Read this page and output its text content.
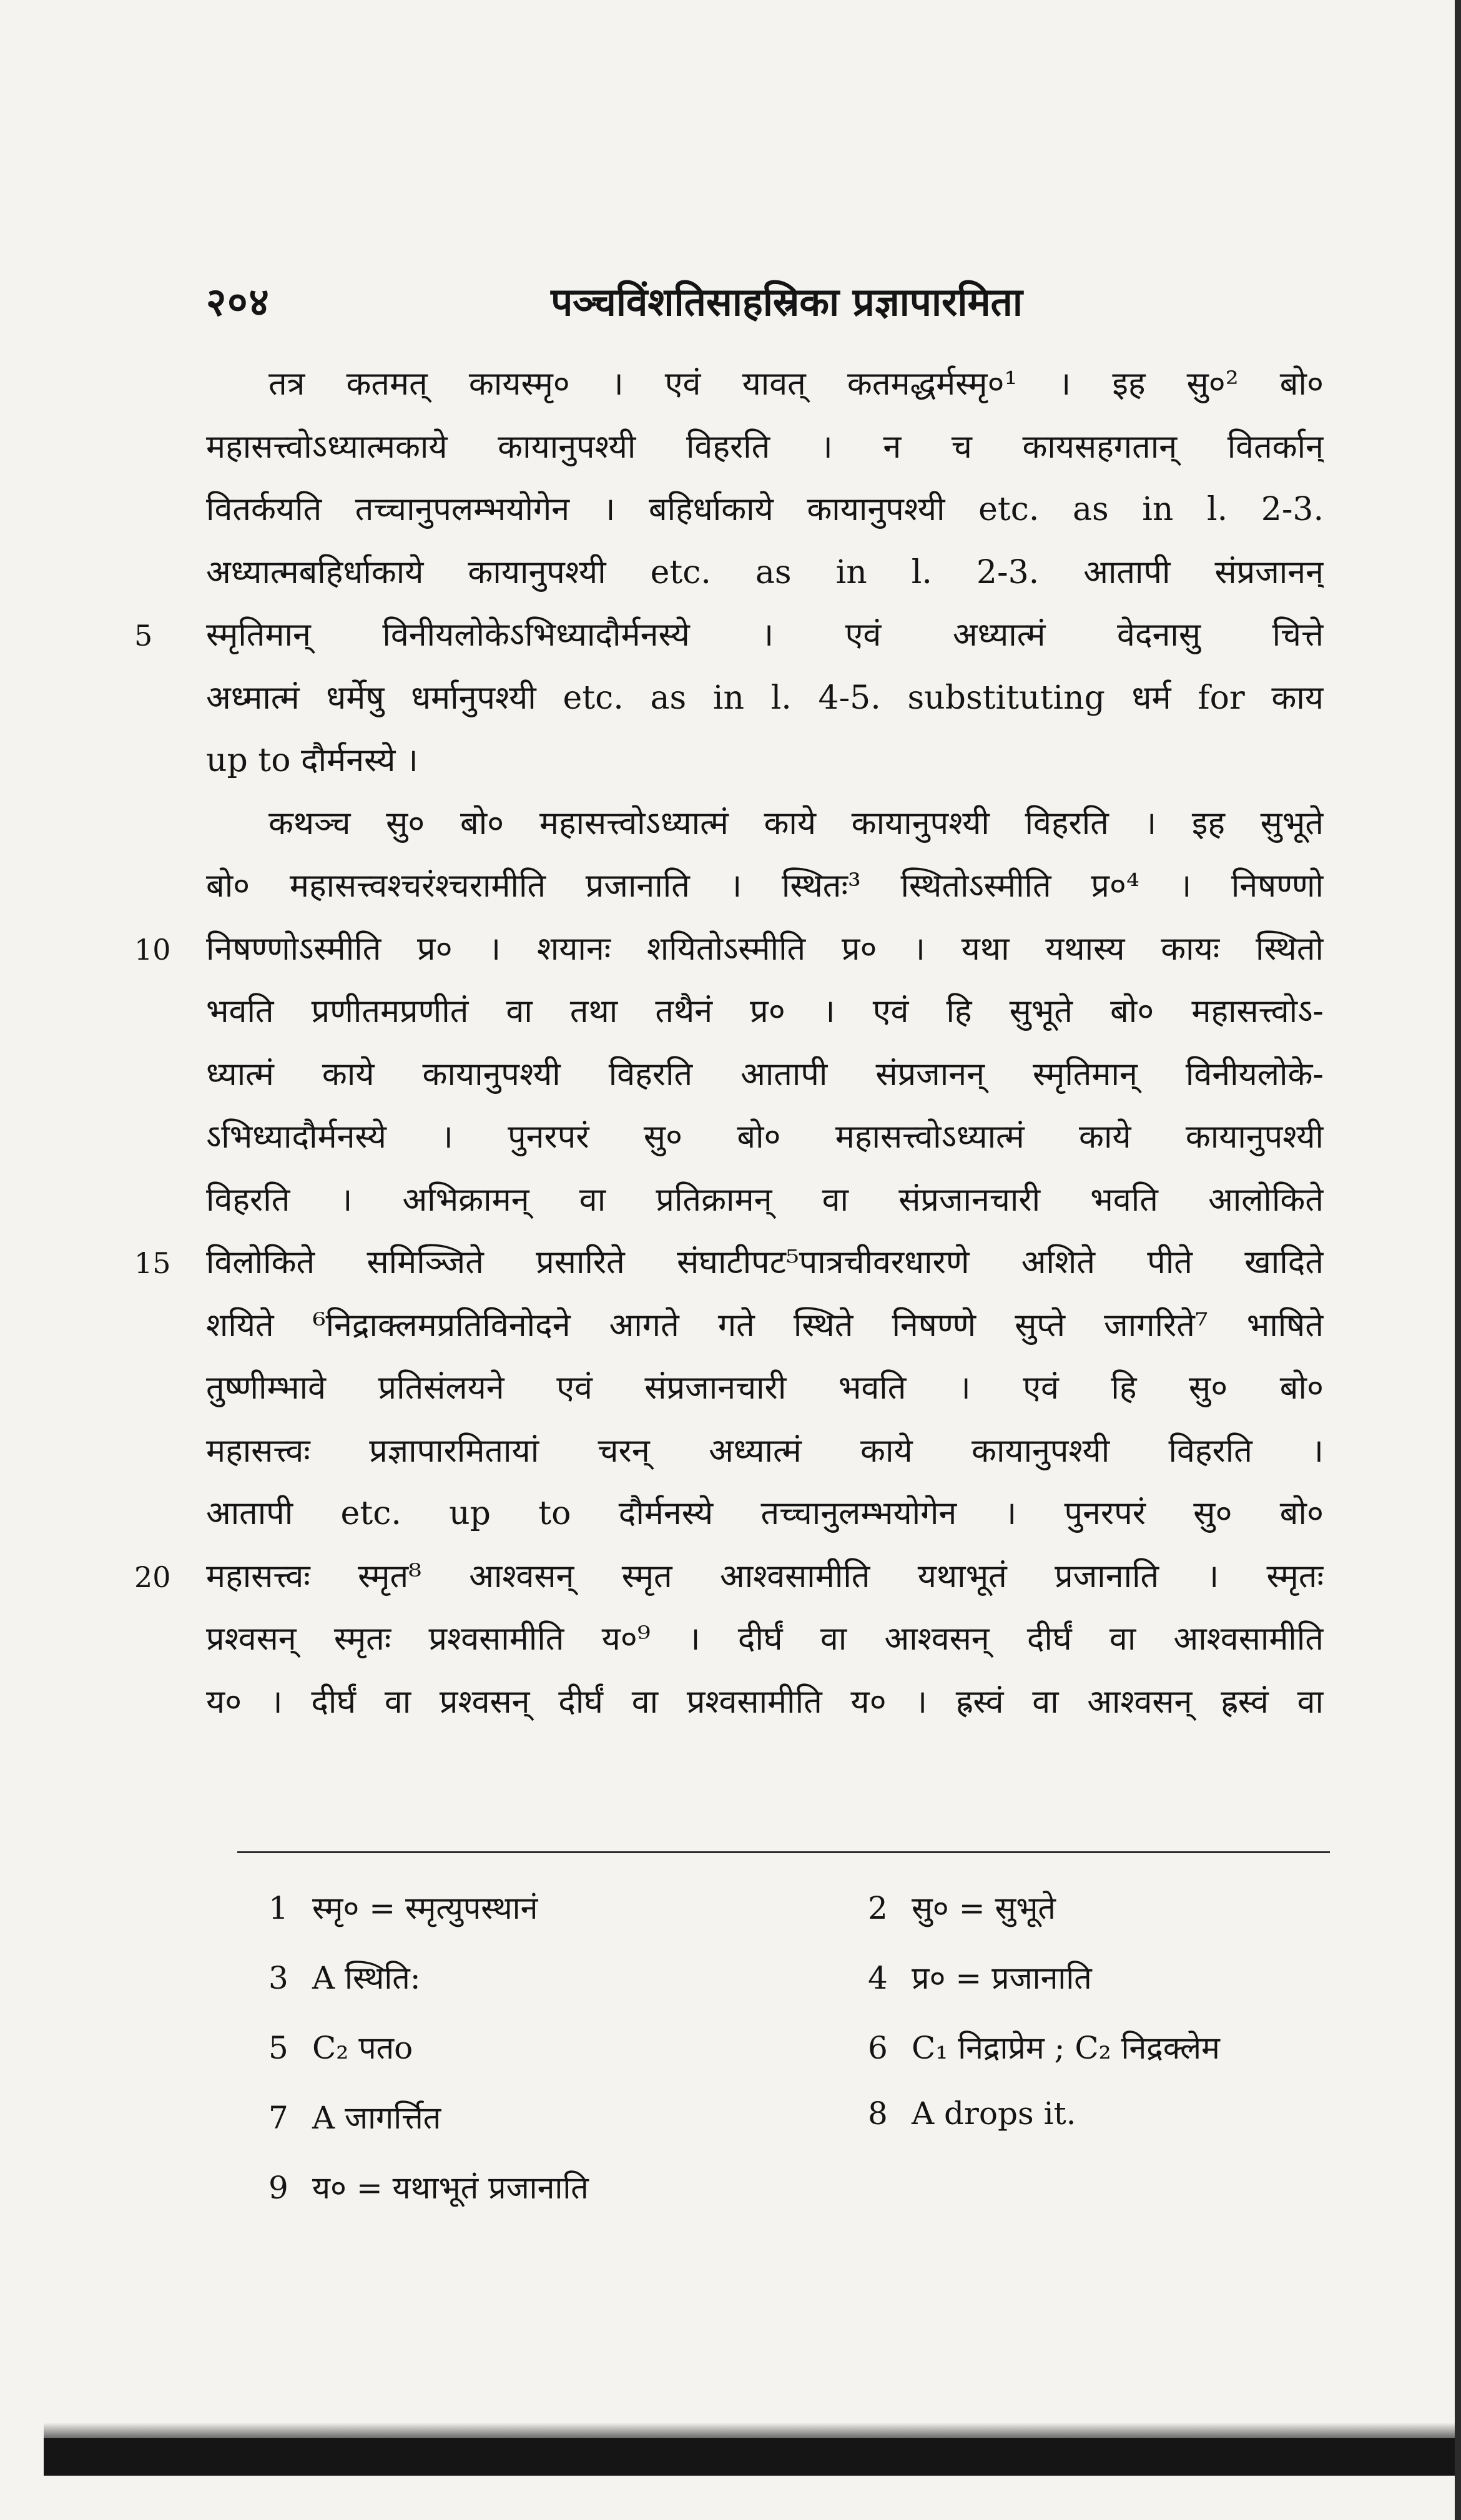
२०४	पञ्चविंशतिसाहस्रिका प्रज्ञापारमिता
तत्र कतमत् कायस्मृ० । एवं यावत् कतमद्धर्मस्मृ०¹ । इह सु०² बो०
महासत्त्वोऽध्यात्मकाये कायानुपश्यी विहरति । न च कायसहगतान् वितर्कान्
वितर्कयति तच्चानुपलम्भयोगेन । बहिर्धाकाये कायानुपश्यी etc. as in l. 2-3.
अध्यात्मबहिर्धाकाये कायानुपश्यी etc. as in l. 2-3. आतापी संप्रजानन्
5	स्मृतिमान् विनीयलोकेऽभिध्यादौर्मनस्ये । एवं अध्यात्मं वेदनासु चित्ते
अध्मात्मं धर्मेषु धर्मानुपश्यी etc. as in l. 4-5. substituting धर्म for काय
up to दौर्मनस्ये ।
कथञ्च सु० बो० महासत्त्वोऽध्यात्मं काये कायानुपश्यी विहरति । इह सुभूते
बो० महासत्त्वश्चरंश्चरामीति प्रजानाति । स्थितः³ स्थितोऽस्मीति प्र०⁴ । निषण्णो
10	निषण्णोऽस्मीति प्र० । शयानः शयितोऽस्मीति प्र० । यथा यथास्य कायः स्थितो
भवति प्रणीतमप्रणीतं वा तथा तथैनं प्र० । एवं हि सुभूते बो० महासत्त्वोऽ-
ध्यात्मं काये कायानुपश्यी विहरति आतापी संप्रजानन् स्मृतिमान् विनीयलोके-
ऽभिध्यादौर्मनस्ये । पुनरपरं सु० बो० महासत्त्वोऽध्यात्मं काये कायानुपश्यी
विहरति । अभिक्रामन् वा प्रतिक्रामन् वा संप्रजानचारी भवति आलोकिते
15	विलोकिते समिञ्जिते प्रसारिते संघाटीपट⁵पात्रचीवरधारणे अशिते पीते खादिते
शयिते ⁶निद्राक्लमप्रतिविनोदने आगते गते स्थिते निषण्णे सुप्ते जागरिते⁷ भाषिते
तुष्णीम्भावे प्रतिसंलयने एवं संप्रजानचारी भवति । एवं हि सु० बो०
महासत्त्वः प्रज्ञापारमितायां चरन् अध्यात्मं काये कायानुपश्यी विहरति ।
आतापी etc. up to दौर्मनस्ये तच्चानुलम्भयोगेन । पुनरपरं सु० बो०
20	महासत्त्वः स्मृत⁸ आश्वसन् स्मृत आश्वसामीति यथाभूतं प्रजानाति । स्मृतः
प्रश्वसन् स्मृतः प्रश्वसामीति य०⁹ । दीर्घं वा आश्वसन् दीर्घं वा आश्वसामीति
य० । दीर्घं वा प्रश्वसन् दीर्घं वा प्रश्वसामीति य० । ह्रस्वं वा आश्वसन् ह्रस्वं वा
1 स्मृ० = स्मृत्युपस्थानं	2 सु० = सुभूते
3 A स्थिति:	4 प्र० = प्रजानाति
5 C₂ पतo	6 C₁ निद्राप्रेम ; C₂ निद्रक्लेम
7 A जागर्त्तित	8 A drops it.
9 य० = यथाभूतं प्रजानाति
